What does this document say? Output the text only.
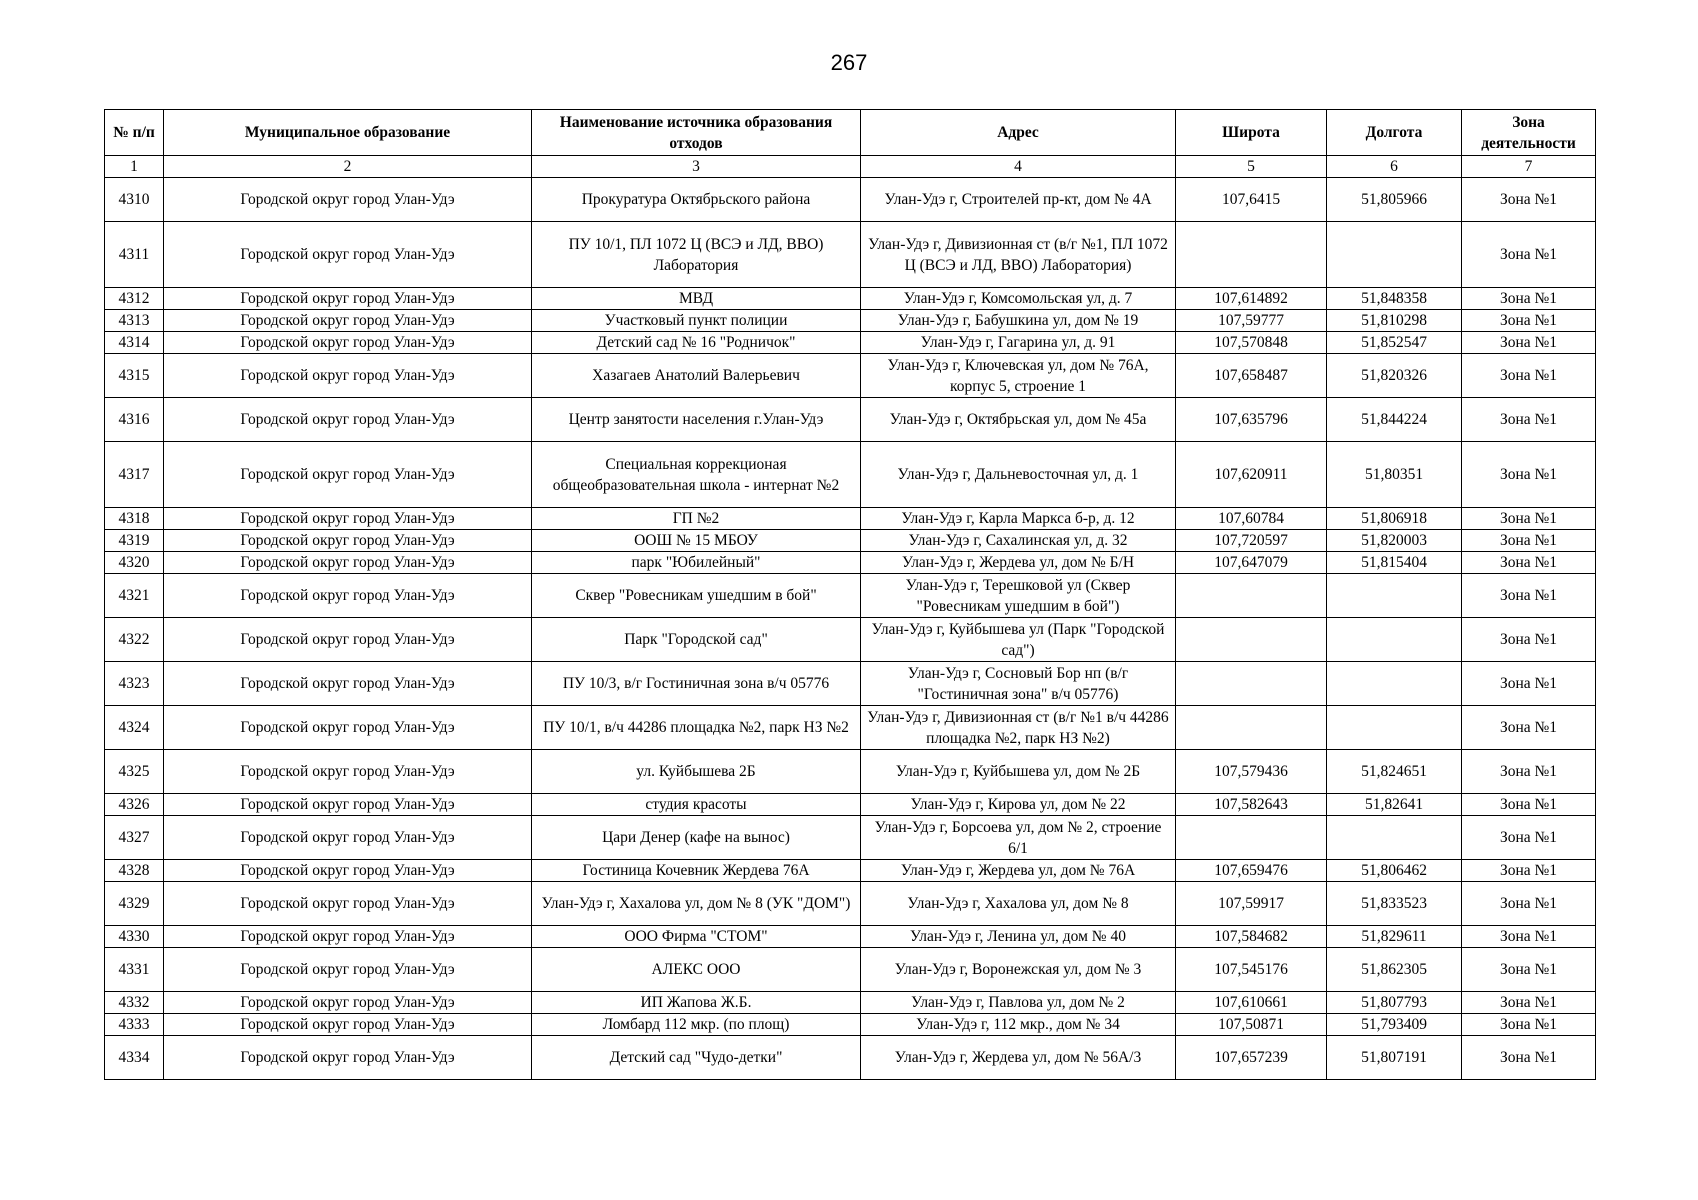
267
№ п/п	Муниципальное образование	Наименование источника образования отходов	Адрес	Широта	Долгота	Зона деятельности
1	2	3	4	5	6	7
4310	Городской округ город Улан-Удэ	Прокуратура Октябрьского района	Улан-Удэ г, Строителей пр-кт, дом № 4А	107,6415	51,805966	Зона №1
4311	Городской округ город Улан-Удэ	ПУ 10/1, ПЛ 1072 Ц (ВСЭ и ЛД, ВВО) Лаборатория	Улан-Удэ г, Дивизионная ст (в/г №1, ПЛ 1072 Ц (ВСЭ и ЛД, ВВО) Лаборатория)			Зона №1
4312	Городской округ город Улан-Удэ	МВД	Улан-Удэ г, Комсомольская ул, д. 7	107,614892	51,848358	Зона №1
4313	Городской округ город Улан-Удэ	Участковый пункт полиции	Улан-Удэ г, Бабушкина ул, дом № 19	107,59777	51,810298	Зона №1
4314	Городской округ город Улан-Удэ	Детский сад № 16 "Родничок"	Улан-Удэ г, Гагарина ул, д. 91	107,570848	51,852547	Зона №1
4315	Городской округ город Улан-Удэ	Хазагаев Анатолий Валерьевич	Улан-Удэ г, Ключевская ул, дом № 76А, корпус 5, строение 1	107,658487	51,820326	Зона №1
4316	Городской округ город Улан-Удэ	Центр занятости населения г.Улан-Удэ	Улан-Удэ г, Октябрьская ул, дом № 45а	107,635796	51,844224	Зона №1
4317	Городской округ город Улан-Удэ	Специальная коррекционая общеобразовательная школа - интернат №2	Улан-Удэ г, Дальневосточная ул, д. 1	107,620911	51,80351	Зона №1
4318	Городской округ город Улан-Удэ	ГП №2	Улан-Удэ г, Карла Маркса б-р, д. 12	107,60784	51,806918	Зона №1
4319	Городской округ город Улан-Удэ	ООШ № 15 МБОУ	Улан-Удэ г, Сахалинская ул, д. 32	107,720597	51,820003	Зона №1
4320	Городской округ город Улан-Удэ	парк "Юбилейный"	Улан-Удэ г, Жердева ул, дом № Б/Н	107,647079	51,815404	Зона №1
4321	Городской округ город Улан-Удэ	Сквер "Ровесникам ушедшим в бой"	Улан-Удэ г, Терешковой ул (Сквер "Ровесникам ушедшим в бой")			Зона №1
4322	Городской округ город Улан-Удэ	Парк "Городской сад"	Улан-Удэ г, Куйбышева ул (Парк "Городской сад")			Зона №1
4323	Городской округ город Улан-Удэ	ПУ 10/3, в/г Гостиничная зона в/ч 05776	Улан-Удэ г, Сосновый Бор нп (в/г "Гостиничная зона" в/ч 05776)			Зона №1
4324	Городской округ город Улан-Удэ	ПУ 10/1, в/ч 44286 площадка №2, парк НЗ №2	Улан-Удэ г, Дивизионная ст (в/г №1 в/ч 44286 площадка №2, парк НЗ №2)			Зона №1
4325	Городской округ город Улан-Удэ	ул. Куйбышева 2Б	Улан-Удэ г, Куйбышева ул, дом № 2Б	107,579436	51,824651	Зона №1
4326	Городской округ город Улан-Удэ	студия красоты	Улан-Удэ г, Кирова ул, дом № 22	107,582643	51,82641	Зона №1
4327	Городской округ город Улан-Удэ	Цари Денер (кафе на вынос)	Улан-Удэ г, Борсоева ул, дом № 2, строение 6/1			Зона №1
4328	Городской округ город Улан-Удэ	Гостиница Кочевник Жердева 76А	Улан-Удэ г, Жердева ул, дом № 76А	107,659476	51,806462	Зона №1
4329	Городской округ город Улан-Удэ	Улан-Удэ г, Хахалова ул, дом № 8 (УК "ДОМ")	Улан-Удэ г, Хахалова ул, дом № 8	107,59917	51,833523	Зона №1
4330	Городской округ город Улан-Удэ	ООО Фирма "СТОМ"	Улан-Удэ г, Ленина ул, дом № 40	107,584682	51,829611	Зона №1
4331	Городской округ город Улан-Удэ	АЛЕКС ООО	Улан-Удэ г, Воронежская ул, дом № 3	107,545176	51,862305	Зона №1
4332	Городской округ город Улан-Удэ	ИП Жапова Ж.Б.	Улан-Удэ г, Павлова ул, дом № 2	107,610661	51,807793	Зона №1
4333	Городской округ город Улан-Удэ	Ломбард 112 мкр. (по площ)	Улан-Удэ г, 112 мкр., дом № 34	107,50871	51,793409	Зона №1
4334	Городской округ город Улан-Удэ	Детский сад "Чудо-детки"	Улан-Удэ г, Жердева ул, дом № 56А/3	107,657239	51,807191	Зона №1
